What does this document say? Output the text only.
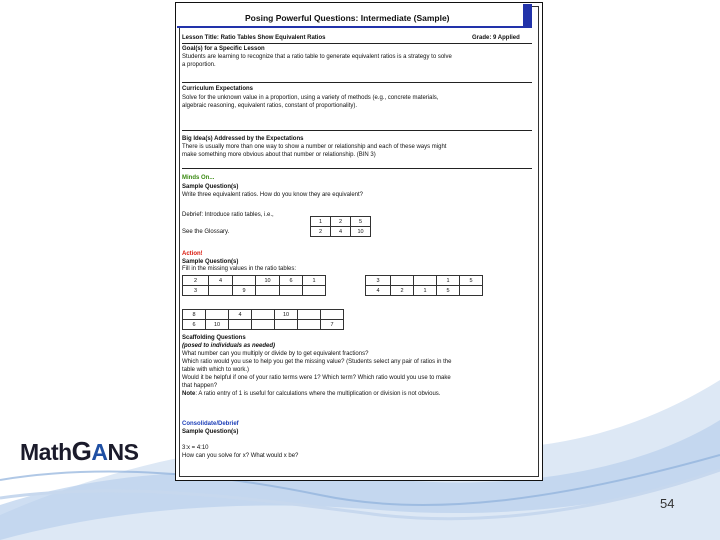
Posing Powerful Questions: Intermediate (Sample)
Lesson Title: Ratio Tables Show Equivalent Ratios	Grade: 9 Applied
Goal(s) for a Specific Lesson
Students are learning to recognize that a ratio table to generate equivalent ratios is a strategy to solve
a proportion.
Curriculum Expectations
Solve for the unknown value in a proportion, using a variety of methods (e.g., concrete materials,
algebraic reasoning, equivalent ratios, constant of proportionality).
Big Idea(s) Addressed by the Expectations
There is usually more than one way to show a number or relationship and each of these ways might
make something more obvious about that number or relationship. (BIN 3)
Minds On...
Sample Question(s)
Write three equivalent ratios. How do you know they are equivalent?
Debrief: Introduce ratio tables, i.e.,
See the Glossary.
1	2	5
2	4	10
Action!
Sample Question(s)
Fill in the missing values in the ratio tables:
2	4		10	6	1
3		9			
3			1	5
4	2	1	5	
8		4		10		
6	10					7
Scaffolding Questions
(posed to individuals as needed)
What number can you multiply or divide by to get equivalent fractions?
Which ratio would you use to help you get the missing value? (Students select any pair of ratios in the
table with which to work.)
Would it be helpful if one of your ratio terms were 1? Which term? Which ratio would you use to make
that happen?
Note: A ratio entry of 1 is useful for calculations where the multiplication or division is not obvious.
Consolidate/Debrief
Sample Question(s)
3:x = 4:10
How can you solve for x? What would x be?
MathGANS
54
